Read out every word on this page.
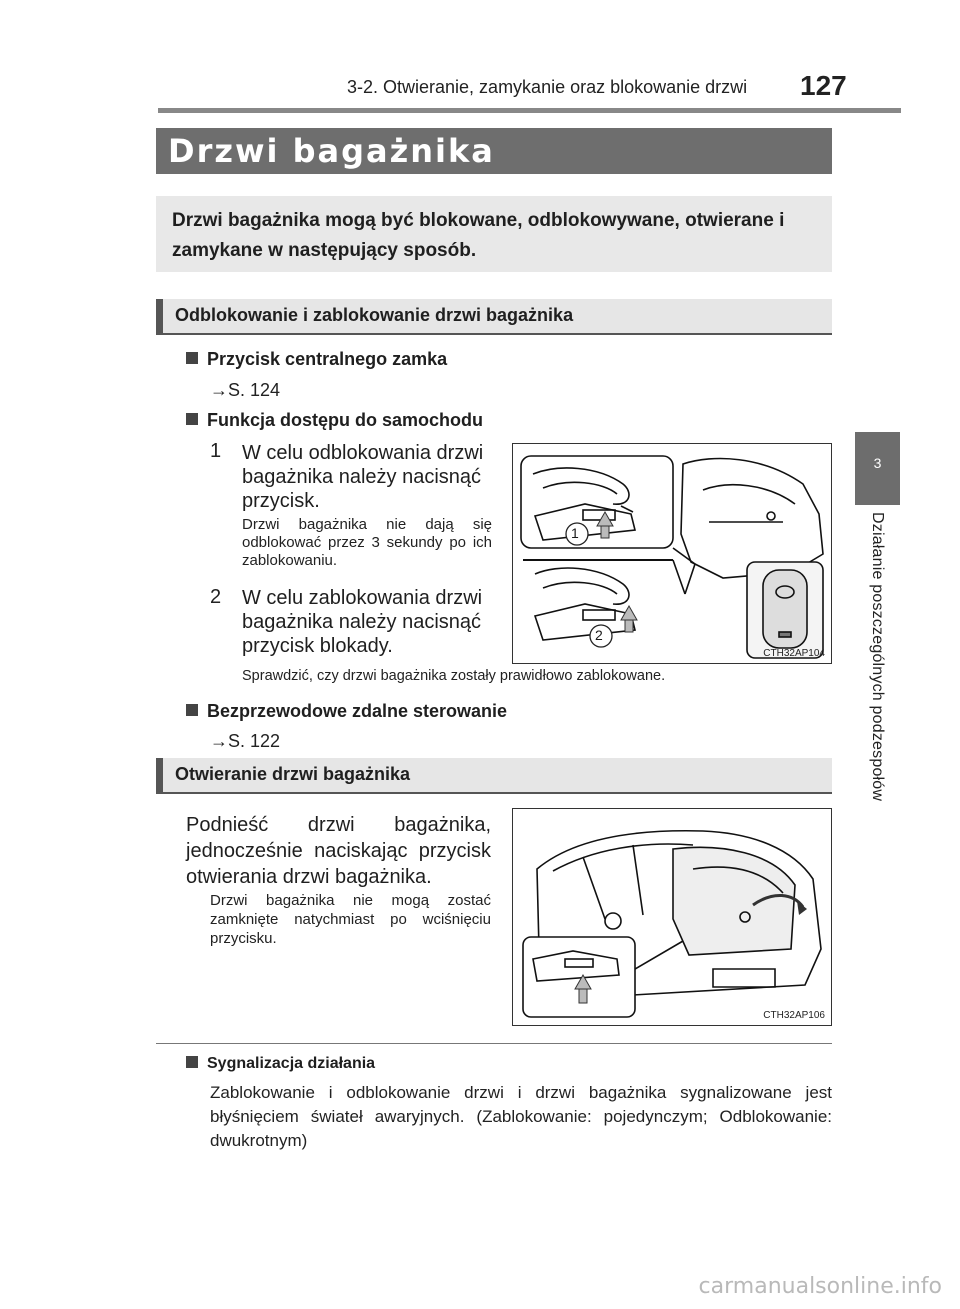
3-2. Otwieranie, zamykanie oraz blokowanie drzwi 127
3
Działanie poszczególnych podzespołów
Drzwi bagażnika
Drzwi bagażnika mogą być blokowane, odblokowywane, otwierane i zamykane w następujący sposób.
Odblokowanie i zablokowanie drzwi bagażnika
Przycisk centralnego zamka
→S. 124
Funkcja dostępu do samochodu
1	W celu odblokowania drzwi bagażnika należy nacisnąć przycisk.
Drzwi bagażnika nie dają się odblokować przez 3 sekundy po ich zablokowaniu.
2	W celu zablokowania drzwi bagażnika należy nacisnąć przycisk blokady.
Sprawdzić, czy drzwi bagażnika zostały prawidłowo zablokowane.
1
2
CTH32AP104
Bezprzewodowe zdalne sterowanie
→S. 122
Otwieranie drzwi bagażnika
Podnieść drzwi bagażnika, jednocześnie naciskając przycisk otwierania drzwi bagażnika.
Drzwi bagażnika nie mogą zostać zamknięte natychmiast po wciśnięciu przycisku.
CTH32AP106
Sygnalizacja działania
Zablokowanie i odblokowanie drzwi i drzwi bagażnika sygnalizowane jest błyśnięciem świateł awaryjnych. (Zablokowanie: pojedynczym; Odblokowanie: dwukrotnym)
carmanualsonline.info
